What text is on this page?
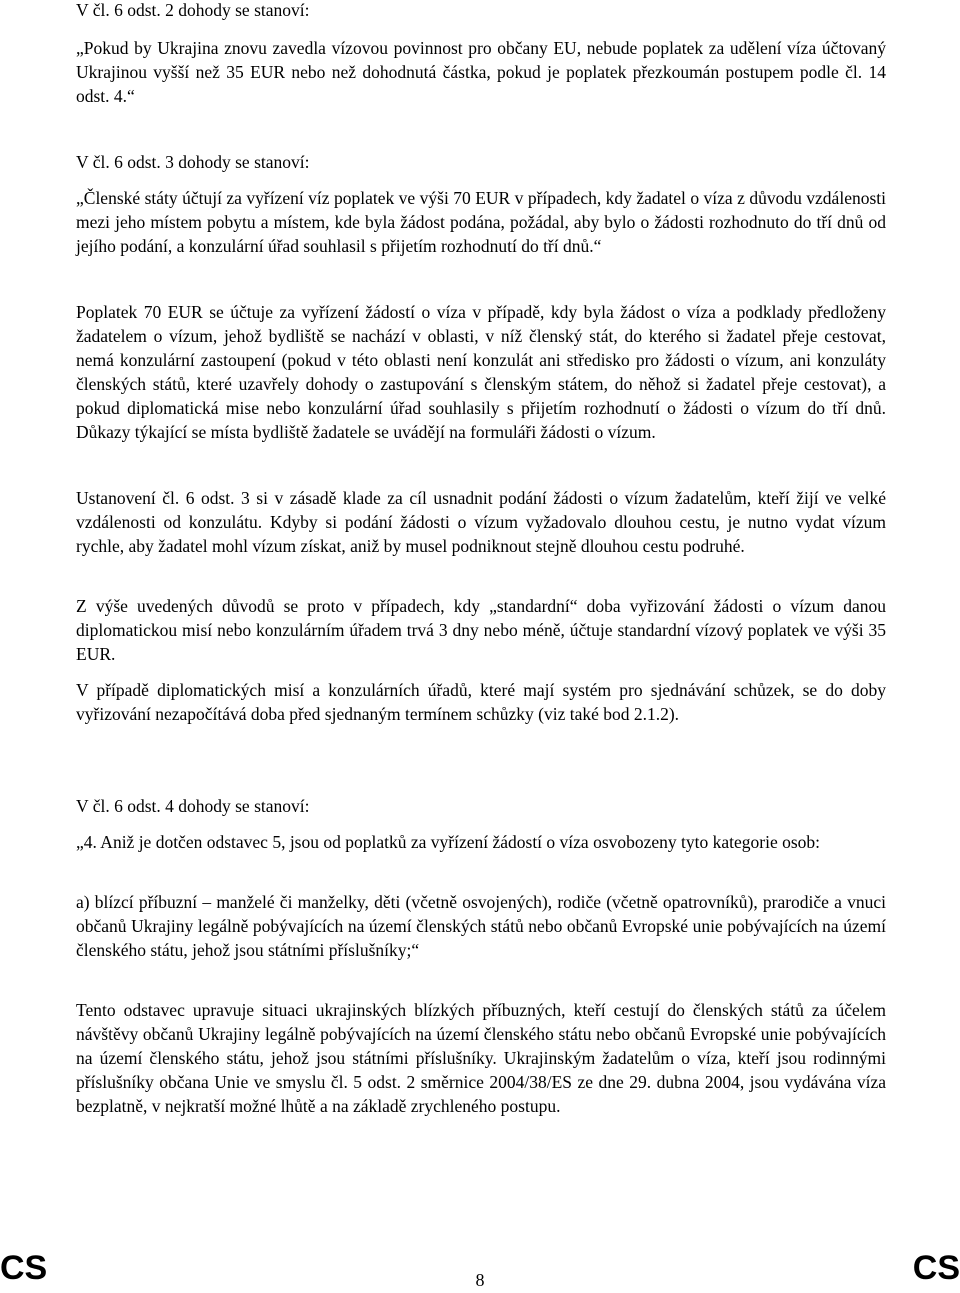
V čl. 6 odst. 2 dohody se stanoví:

„Pokud by Ukrajina znovu zavedla vízovou povinnost pro občany EU, nebude poplatek za udělení víza účtovaný Ukrajinou vyšší než 35 EUR nebo než dohodnutá částka, pokud je poplatek přezkoumán postupem podle čl. 14 odst. 4.“

V čl. 6 odst. 3 dohody se stanoví:

„Členské státy účtují za vyřízení víz poplatek ve výši 70 EUR v případech, kdy žadatel o víza z důvodu vzdálenosti mezi jeho místem pobytu a místem, kde byla žádost podána, požádal, aby bylo o žádosti rozhodnuto do tří dnů od jejího podání, a konzulární úřad souhlasil s přijetím rozhodnutí do tří dnů.“

Poplatek 70 EUR se účtuje za vyřízení žádostí o víza v případě, kdy byla žádost o víza a podklady předloženy žadatelem o vízum, jehož bydliště se nachází v oblasti, v níž členský stát, do kterého si žadatel přeje cestovat, nemá konzulární zastoupení (pokud v této oblasti není konzulát ani středisko pro žádosti o vízum, ani konzuláty členských států, které uzavřely dohody o zastupování s členským státem, do něhož si žadatel přeje cestovat), a pokud diplomatická mise nebo konzulární úřad souhlasily s přijetím rozhodnutí o žádosti o vízum do tří dnů. Důkazy týkající se místa bydliště žadatele se uvádějí na formuláři žádosti o vízum.

Ustanovení čl. 6 odst. 3 si v zásadě klade za cíl usnadnit podání žádosti o vízum žadatelům, kteří žijí ve velké vzdálenosti od konzulátu. Kdyby si podání žádosti o vízum vyžadovalo dlouhou cestu, je nutno vydat vízum rychle, aby žadatel mohl vízum získat, aniž by musel podniknout stejně dlouhou cestu podruhé.

Z výše uvedených důvodů se proto v případech, kdy „standardní“ doba vyřizování žádosti o vízum danou diplomatickou misí nebo konzulárním úřadem trvá 3 dny nebo méně, účtuje standardní vízový poplatek ve výši 35 EUR.

V případě diplomatických misí a konzulárních úřadů, které mají systém pro sjednávání schůzek, se do doby vyřizování nezapočítává doba před sjednaným termínem schůzky (viz také bod 2.1.2).

V čl. 6 odst. 4 dohody se stanoví:

„4. Aniž je dotčen odstavec 5, jsou od poplatků za vyřízení žádostí o víza osvobozeny tyto kategorie osob:

a) blízcí příbuzní – manželé či manželky, děti (včetně osvojených), rodiče (včetně opatrovníků), prarodiče a vnuci občanů Ukrajiny legálně pobývajících na území členských států nebo občanů Evropské unie pobývajících na území členského státu, jehož jsou státními příslušníky;“

Tento odstavec upravuje situaci ukrajinských blízkých příbuzných, kteří cestují do členských států za účelem návštěvy občanů Ukrajiny legálně pobývajících na území členského státu nebo občanů Evropské unie pobývajících na území členského státu, jehož jsou státními příslušníky. Ukrajinským žadatelům o víza, kteří jsou rodinnými příslušníky občana Unie ve smyslu čl. 5 odst. 2 směrnice 2004/38/ES ze dne 29. dubna 2004, jsou vydávána víza bezplatně, v nejkratší možné lhůtě a na základě zrychleného postupu.

CS	8	CS
